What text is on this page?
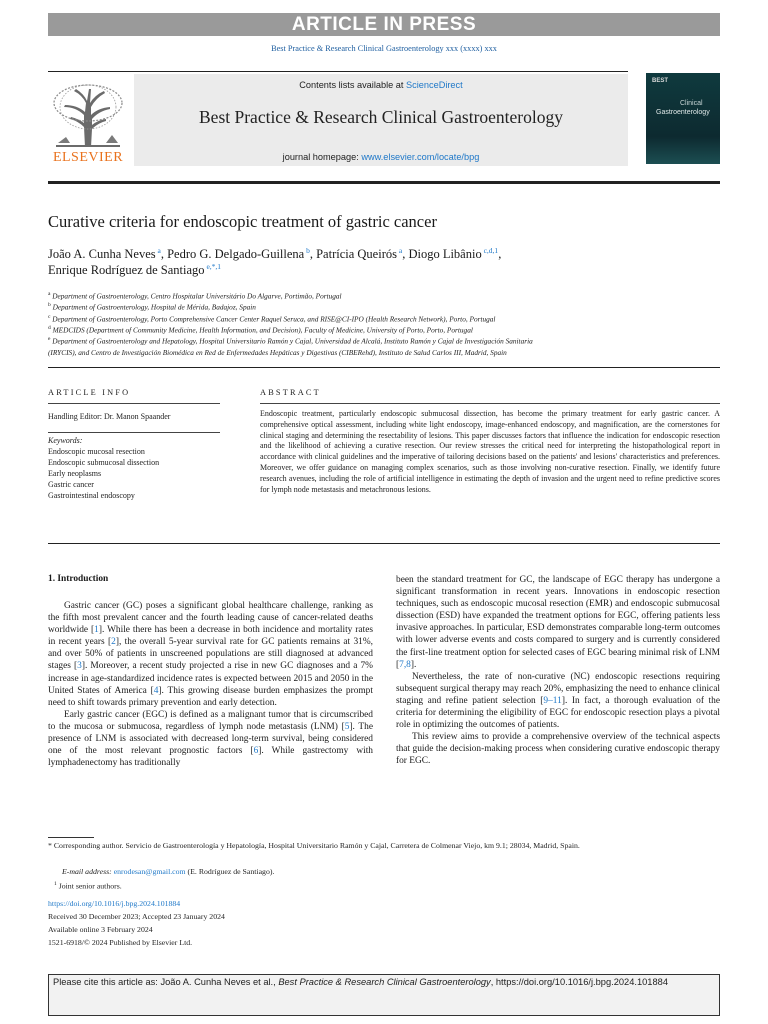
ARTICLE IN PRESS
Best Practice & Research Clinical Gastroenterology xxx (xxxx) xxx
ELSEVIER
Contents lists available at ScienceDirect
Best Practice & Research Clinical Gastroenterology
journal homepage: www.elsevier.com/locate/bpg
BEST
Clinical
Gastroenterology
Curative criteria for endoscopic treatment of gastric cancer
João A. Cunha Neves $^a$, Pedro G. Delgado-Guillena $^b$, Patrícia Queirós $^a$, Diogo Libânio $^{c,d,1}$,
Enrique Rodríguez de Santiago $^{e,*,1}$
$^a$ Department of Gastroenterology, Centro Hospitalar Universitário Do Algarve, Portimão, Portugal
$^b$ Department of Gastroenterology, Hospital de Mérida, Badajoz, Spain
$^c$ Department of Gastroenterology, Porto Comprehensive Cancer Center Raquel Seruca, and RISE@CI-IPO (Health Research Network), Porto, Portugal
$^d$ MEDCIDS (Department of Community Medicine, Health Information, and Decision), Faculty of Medicine, University of Porto, Porto, Portugal
$^e$ Department of Gastroenterology and Hepatology, Hospital Universitario Ramón y Cajal, Universidad de Alcalá, Instituto Ramón y Cajal de Investigación Sanitaria
(IRYCIS), and Centro de Investigación Biomédica en Red de Enfermedades Hepáticas y Digestivas (CIBERehd), Instituto de Salud Carlos III, Madrid, Spain
ARTICLE INFO	ABSTRACT
Handling Editor: Dr. Manon Spaander
Keywords:
Endoscopic mucosal resection
Endoscopic submucosal dissection
Early neoplasms
Gastric cancer
Gastrointestinal endoscopy
Endoscopic treatment, particularly endoscopic submucosal dissection, has become the primary treatment for early gastric cancer. A comprehensive optical assessment, including white light endoscopy, image-enhanced endoscopy, and magnification, are the cornerstones for clinical staging and determining the resectability of lesions. This paper discusses factors that influence the indication for endoscopic resection and the likelihood of achieving a curative resection. Our review stresses the critical need for interpreting the histopathological report in accordance with clinical guidelines and the imperative of tailoring decisions based on the patients' and lesions' characteristics and preferences. Moreover, we offer guidance on managing complex scenarios, such as those involving non-curative resection. Finally, we identify future research avenues, including the role of artificial intelligence in estimating the depth of invasion and the urgent need to refine predictive scores for lymph node metastasis and metachronous lesions.
1. Introduction

Gastric cancer (GC) poses a significant global healthcare challenge, ranking as the fifth most prevalent cancer and the fourth leading cause of cancer-related deaths worldwide [1]. While there has been a decrease in both incidence and mortality rates in recent years [2], the overall 5-year survival rate for GC patients remains at 31%, and over 50% of patients in unscreened populations are still diagnosed at advanced stages [3]. Moreover, a recent study projected a rise in new GC diagnoses and a 7% increase in age-standardized incidence rates is expected between 2015 and 2050 in the United States of America [4]. This growing disease burden emphasizes the prompt need to shift towards primary prevention and early detection.

Early gastric cancer (EGC) is defined as a malignant tumor that is circumscribed to the mucosa or submucosa, regardless of lymph node metastasis (LNM) [5]. The presence of LNM is associated with decreased long-term survival, being considered one of the most relevant prognostic factors [6]. While gastrectomy with lymphadenectomy has traditionally

been the standard treatment for GC, the landscape of EGC therapy has undergone a significant transformation in recent years. Innovations in endoscopic resection techniques, such as endoscopic mucosal resection (EMR) and endoscopic submucosal dissection (ESD) have expanded the treatment options for EGC, offering patients less invasive approaches. In particular, ESD demonstrates comparable long-term outcomes with lower adverse events and costs compared to surgery and is currently considered the first-line treatment option for selected cases of EGC bearing minimal risk of LNM [7,8].

Nevertheless, the rate of non-curative (NC) endoscopic resections requiring subsequent surgical therapy may reach 20%, emphasizing the need to enhance clinical staging and refine patient selection [9–11]. In fact, a thorough evaluation of the criteria for determining the eligibility of EGC for endoscopic resection plays a pivotal role in optimizing the outcomes of patients.

This review aims to provide a comprehensive overview of the technical aspects that guide the decision-making process when considering curative endoscopic therapy for EGC.

* Corresponding author. Servicio de Gastroenterología y Hepatología, Hospital Universitario Ramón y Cajal, Carretera de Colmenar Viejo, km 9.1; 28034, Madrid, Spain.
E-mail address: enrodesan@gmail.com (E. Rodríguez de Santiago).
$^1$ Joint senior authors.
https://doi.org/10.1016/j.bpg.2024.101884
Received 30 December 2023; Accepted 23 January 2024
Available online 3 February 2024
1521-6918/© 2024 Published by Elsevier Ltd.
Please cite this article as: João A. Cunha Neves et al., Best Practice & Research Clinical Gastroenterology, https://doi.org/10.1016/j.bpg.2024.101884
